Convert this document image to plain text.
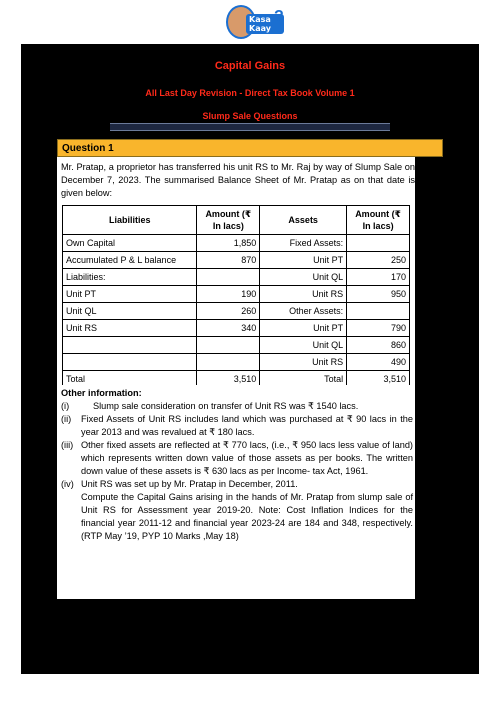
Kasa Kaay
?
Capital Gains
All Last Day Revision - Direct Tax Book Volume 1
Slump Sale Questions
Question 1
Mr. Pratap, a proprietor has transferred his unit RS to Mr. Raj by way of Slump Sale on December 7, 2023. The summarised Balance Sheet of Mr. Pratap as on that date is given below:
Liabilities	Amount (₹ In lacs)	Assets	Amount (₹ In lacs)
Own Capital	1,850	Fixed Assets:	
Accumulated P & L balance	870	Unit PT	250
Liabilities:		Unit QL	170
Unit PT	190	Unit RS	950
Unit QL	260	Other Assets:	
Unit RS	340	Unit PT	790
		Unit QL	860
		Unit RS	490
Total	3,510	Total	3,510
Other information:
(i)	Slump sale consideration on transfer of Unit RS was ₹ 1540 lacs.
(ii)	Fixed Assets of Unit RS includes land which was purchased at ₹ 90 lacs in the year 2013 and was revalued at ₹ 180 lacs.
(iii) Other fixed assets are reflected at ₹ 770 lacs, (i.e., ₹ 950 lacs less value of land) which represents written down value of those assets as per books. The written down value of these assets is ₹ 630 lacs as per Income- tax Act, 1961.
(iv) Unit RS was set up by Mr. Pratap in December, 2011.
Compute the Capital Gains arising in the hands of Mr. Pratap from slump sale of Unit RS for Assessment year 2019-20. Note: Cost Inflation Indices for the financial year 2011-12 and financial year 2023-24 are 184 and 348, respectively.(RTP May ’19, PYP 10 Marks ,May 18)
